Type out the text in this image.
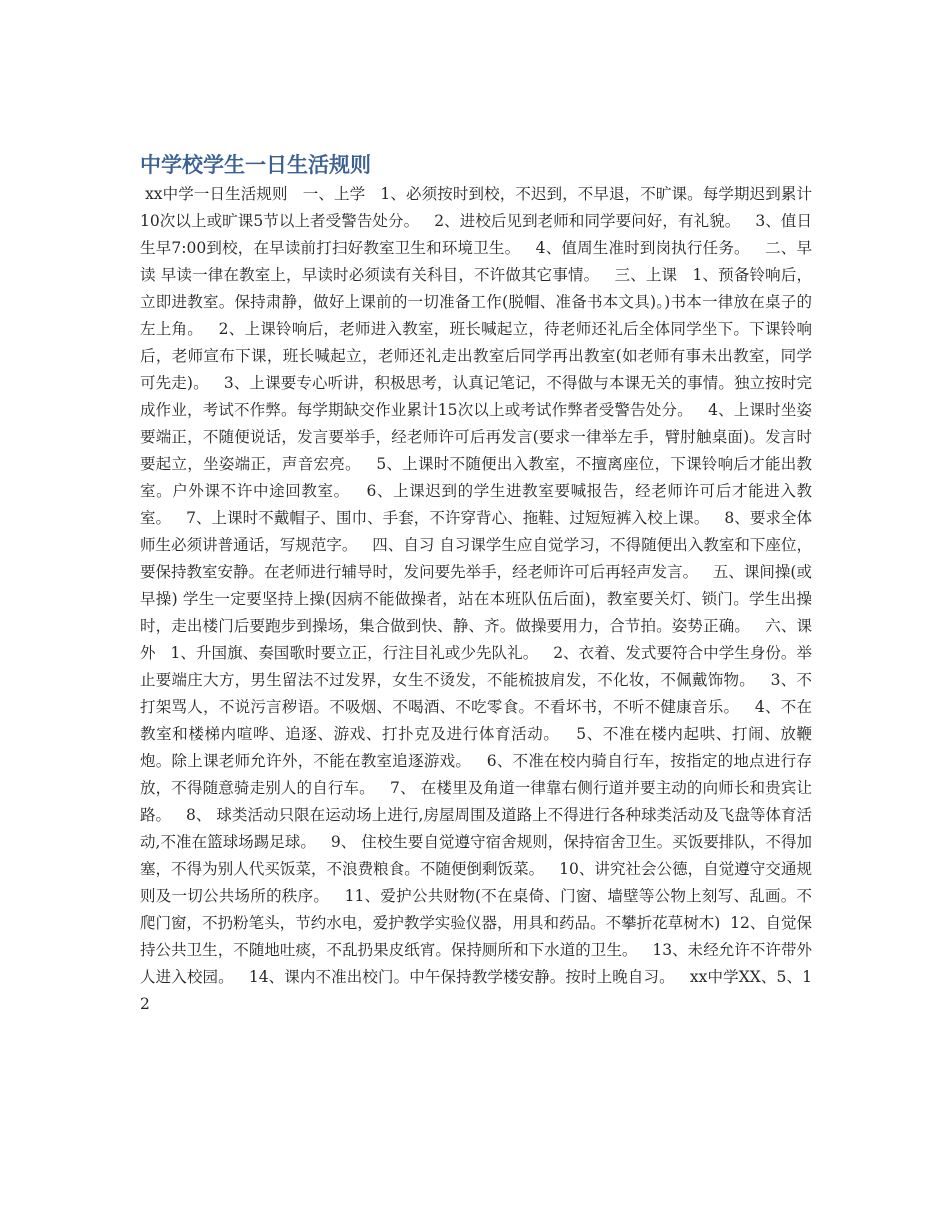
中学校学生一日生活规则

xx中学一日生活规则   一、上学   1、必须按时到校，不迟到，不早退，不旷课。每学期迟到累计10次以上或旷课5节以上者受警告处分。   2、进校后见到老师和同学要问好，有礼貌。   3、值日生早7:00到校，在早读前打扫好教室卫生和环境卫生。   4、值周生准时到岗执行任务。   二、早读 早读一律在教室上，早读时必须读有关科目，不许做其它事情。   三、上课   1、预备铃响后，立即进教室。保持肃静，做好上课前的一切准备工作(脱帽、准备书本文具)。)书本一律放在桌子的左上角。   2、上课铃响后，老师进入教室，班长喊起立，待老师还礼后全体同学坐下。下课铃响后，老师宣布下课，班长喊起立，老师还礼走出教室后同学再出教室(如老师有事未出教室，同学可先走)。   3、上课要专心听讲，积极思考，认真记笔记，不得做与本课无关的事情。独立按时完成作业，考试不作弊。每学期缺交作业累计15次以上或考试作弊者受警告处分。   4、上课时坐姿要端正，不随便说话，发言要举手，经老师许可后再发言(要求一律举左手，臂肘触桌面)。发言时要起立，坐姿端正，声音宏亮。   5、上课时不随便出入教室，不擅离座位，下课铃响后才能出教室。户外课不许中途回教室。   6、上课迟到的学生进教室要喊报告，经老师许可后才能进入教室。   7、上课时不戴帽子、围巾、手套，不许穿背心、拖鞋、过短短裤入校上课。   8、要求全体师生必须讲普通话，写规范字。   四、自习 自习课学生应自觉学习，不得随便出入教室和下座位，要保持教室安静。在老师进行辅导时，发问要先举手，经老师许可后再轻声发言。   五、课间操(或早操) 学生一定要坚持上操(因病不能做操者，站在本班队伍后面)，教室要关灯、锁门。学生出操时，走出楼门后要跑步到操场，集合做到快、静、齐。做操要用力，合节拍。姿势正确。   六、课外   1、升国旗、奏国歌时要立正，行注目礼或少先队礼。   2、衣着、发式要符合中学生身份。举止要端庄大方，男生留法不过发界，女生不烫发，不能梳披肩发，不化妆，不佩戴饰物。   3、不打架骂人，不说污言秽语。不吸烟、不喝酒、不吃零食。不看坏书，不听不健康音乐。   4、不在教室和楼梯内喧哗、追逐、游戏、打扑克及进行体育活动。   5、不准在楼内起哄、打闹、放鞭炮。除上课老师允许外，不能在教室追逐游戏。   6、不准在校内骑自行车，按指定的地点进行存放，不得随意骑走别人的自行车。   7、 在楼里及角道一律靠右侧行道并要主动的向师长和贵宾让路。   8、 球类活动只限在运动场上进行,房屋周围及道路上不得进行各种球类活动及飞盘等体育活动,不准在篮球场踢足球。   9、 住校生要自觉遵守宿舍规则，保持宿舍卫生。买饭要排队，不得加塞，不得为别人代买饭菜，不浪费粮食。不随便倒剩饭菜。   10、讲究社会公德，自觉遵守交通规则及一切公共场所的秩序。   11、爱护公共财物(不在桌倚、门窗、墙壁等公物上刻写、乱画。不爬门窗，不扔粉笔头，节约水电，爱护教学实验仪器，用具和药品。不攀折花草树木)  12、自觉保持公共卫生，不随地吐痰，不乱扔果皮纸宵。保持厕所和下水道的卫生。   13、未经允许不许带外人进入校园。   14、课内不准出校门。中午保持教学楼安静。按时上晚自习。   xx中学XX、5、12
